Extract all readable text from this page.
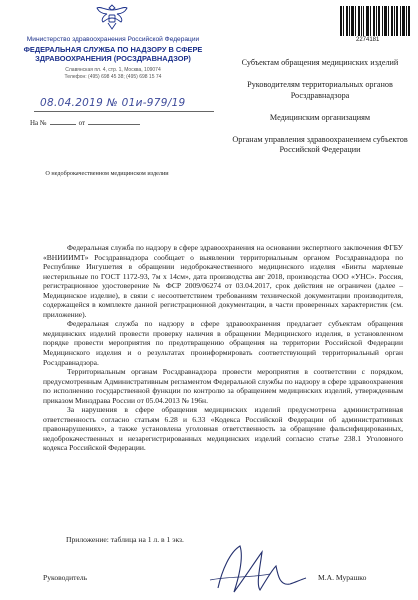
Министерство здравоохранения Российской Федерации
ФЕДЕРАЛЬНАЯ СЛУЖБА ПО НАДЗОРУ В СФЕРЕ ЗДРАВООХРАНЕНИЯ (РОСЗДРАВНАДЗОР)
Славянская пл. 4, стр. 1, Москва, 109074
Телефон: (495) 698 45 38; (495) 698 15 74
08.04.2019 № 01и-979/19
На №	от
О недоброкачественном медицинском изделии
2274181
Субъектам обращения медицинских изделий
Руководителям территориальных органов Росздравнадзора
Медицинским организациям
Органам управления здравоохранением субъектов Российской Федерации

Федеральная служба по надзору в сфере здравоохранения на основании экспертного заключения ФГБУ «ВНИИИМТ» Росздравнадзора сообщает о выявлении территориальным органом Росздравнадзора по Республике Ингушетия в обращении недоброкачественного медицинского изделия «Бинты марлевые нестерильные по ГОСТ 1172-93, 7м х 14см», дата производства авг 2018, производства ООО «УНС». Россия, регистрационное удостоверение № ФСР 2009/06274 от 03.04.2017, срок действия не ограничен (далее – Медицинское изделие), в связи с несоответствием требованиям технической документации производителя, содержащейся в комплекте данной регистрационной документации, в части проверенных характеристик (см. приложение).

Федеральная служба по надзору в сфере здравоохранения предлагает субъектам обращения медицинских изделий провести проверку наличия в обращении Медицинского изделия, в установленном порядке провести мероприятия по предотвращению обращения на территории Российской Федерации Медицинского изделия и о результатах проинформировать соответствующий территориальный орган Росздравнадзора.

Территориальным органам Росздравнадзора провести мероприятия в соответствии с порядком, предусмотренным Административным регламентом Федеральной службы по надзору в сфере здравоохранения по исполнению государственной функции по контролю за обращением медицинских изделий, утвержденным приказом Минздрава России от 05.04.2013 № 196н.

За нарушения в сфере обращения медицинских изделий предусмотрена административная ответственность согласно статьям 6.28 и 6.33 «Кодекса Российской Федерации об административных правонарушениях», а также установлена уголовная ответственность за обращение фальсифицированных, недоброкачественных и незарегистрированных медицинских изделий согласно статье 238.1 Уголовного кодекса Российской Федерации.

Приложение: таблица на 1 л. в 1 экз.
Руководитель	М.А. Мурашко
